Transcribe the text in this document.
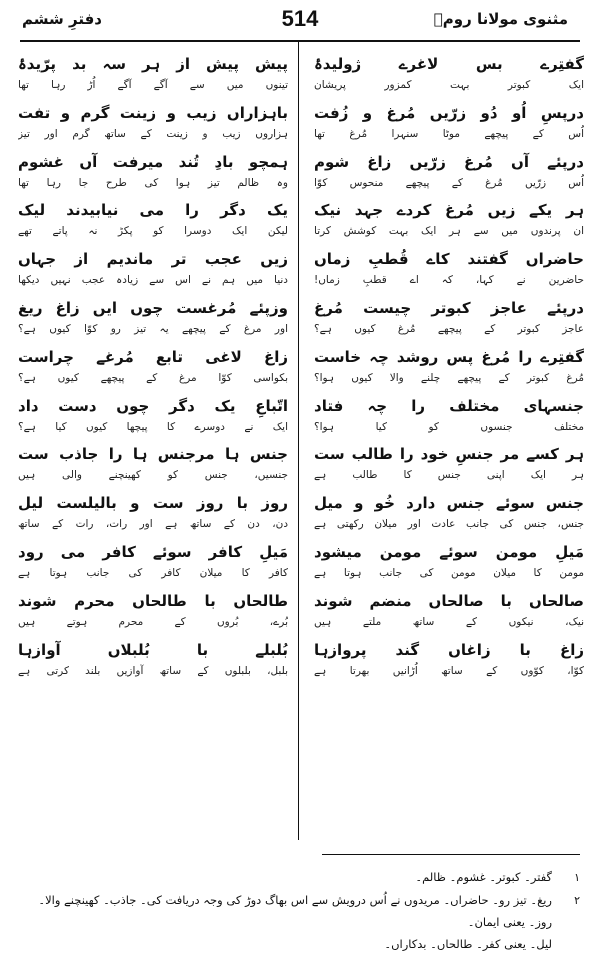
مثنوی مولانا رومؒ
514
دفترِ ششم
گفتِرے بس لاغرے ژولیدۂ
ایک کبوتر بہت کمزور پریشان
درپسِ اُو دُو زرّیں مُرغ و زُفت
اُس کے پیچھے موٹا سنہرا مُرغ تھا
درپئے آں مُرغ زرّیں زاغ شوم
اُس زرّیں مُرغ کے پیچھے منحوس کوّا
ہر یکے زیں مُرغ کردے جہد نیک
ان پرندوں میں سے ہر ایک بہت کوشش کرتا
حاضراں گفتند کاے قُطبِ زماں
حاضرین نے کہا، کہ اے قطبِ زماں!
درپئے عاجز کبوتر چیست مُرغ
عاجز کبوتر کے پیچھے مُرغ کیوں ہے؟
گفتِرے را مُرغ پس روشد چہ خاست
مُرغ کبوتر کے پیچھے چلنے والا کیوں ہوا؟
جنسہای مختلف را چہ فتاد
مختلف جنسوں کو کیا ہوا؟
ہر کسے مر جنسِ خود را طالب ست
ہر ایک اپنی جنس کا طالب ہے
جنس سوئے جنس دارد خُو و میل
جنس، جنس کی جانب عادت اور میلان رکھتی ہے
مَیلِ مومن سوئے مومن میشود
مومن کا میلان مومن کی جانب ہوتا ہے
صالحاں با صالحاں منضم شوند
نیک، نیکوں کے ساتھ ملتے ہیں
زاغ با زاغاں گند پروازہا
کوّا، کوّوں کے ساتھ اُڑانیں بھرتا ہے
پیش پیش از ہر سہ بد پرّیدۂ
تینوں میں سے آگے آگے اُڑ رہا تھا
باہزاراں زیب و زینت گرم و تفت
ہزاروں زیب و زینت کے ساتھ گرم اور تیز
ہمچو بادِ تُند میرفت آں غشوم
وہ ظالم تیز ہوا کی طرح جا رہا تھا
یک دگر را می نیابیدند لیک
لیکن ایک دوسرا کو پکڑ نہ پاتے تھے
زیں عجب تر ماندیم از جہاں
دنیا میں ہم نے اس سے زیادہ عجب نہیں دیکھا
وزپئے مُرغست چوں ایں زاغ ریغ
اور مرغ کے پیچھے یہ تیز رو کوّا کیوں ہے؟
زاغ لاغی تابع مُرغے چراست
بکواسی کوّا مرغ کے پیچھے کیوں ہے؟
اتّباعِ یک دگر چوں دست داد
ایک نے دوسرے کا پیچھا کیوں کیا ہے؟
جنس ہا مرجنس ہا را جاذب ست
جنسیں، جنس کو کھینچنے والی ہیں
روز با روز ست و بالیلست لیل
دن، دن کے ساتھ ہے اور رات، رات کے ساتھ
مَیلِ کافر سوئے کافر می رود
کافر کا میلان کافر کی جانب ہوتا ہے
طالحاں با طالحاں محرم شوند
بُرے، بُروں کے محرم ہوتے ہیں
بُلبلے با بُلبلاں آوازہا
بلبل، بلبلوں کے ساتھ آوازیں بلند کرتی ہے
۱
گفتر۔ کبوتر۔ غشوم۔ ظالم۔
۲
ریغ۔ تیز رو۔ حاضراں۔ مریدوں نے اُس درویش سے اس بھاگ دوڑ کی وجہ دریافت کی۔ جاذب۔ کھینچنے والا۔ روز۔ یعنی ایمان۔
لیل۔ یعنی کفر۔ طالحاں۔ بدکاراں۔
